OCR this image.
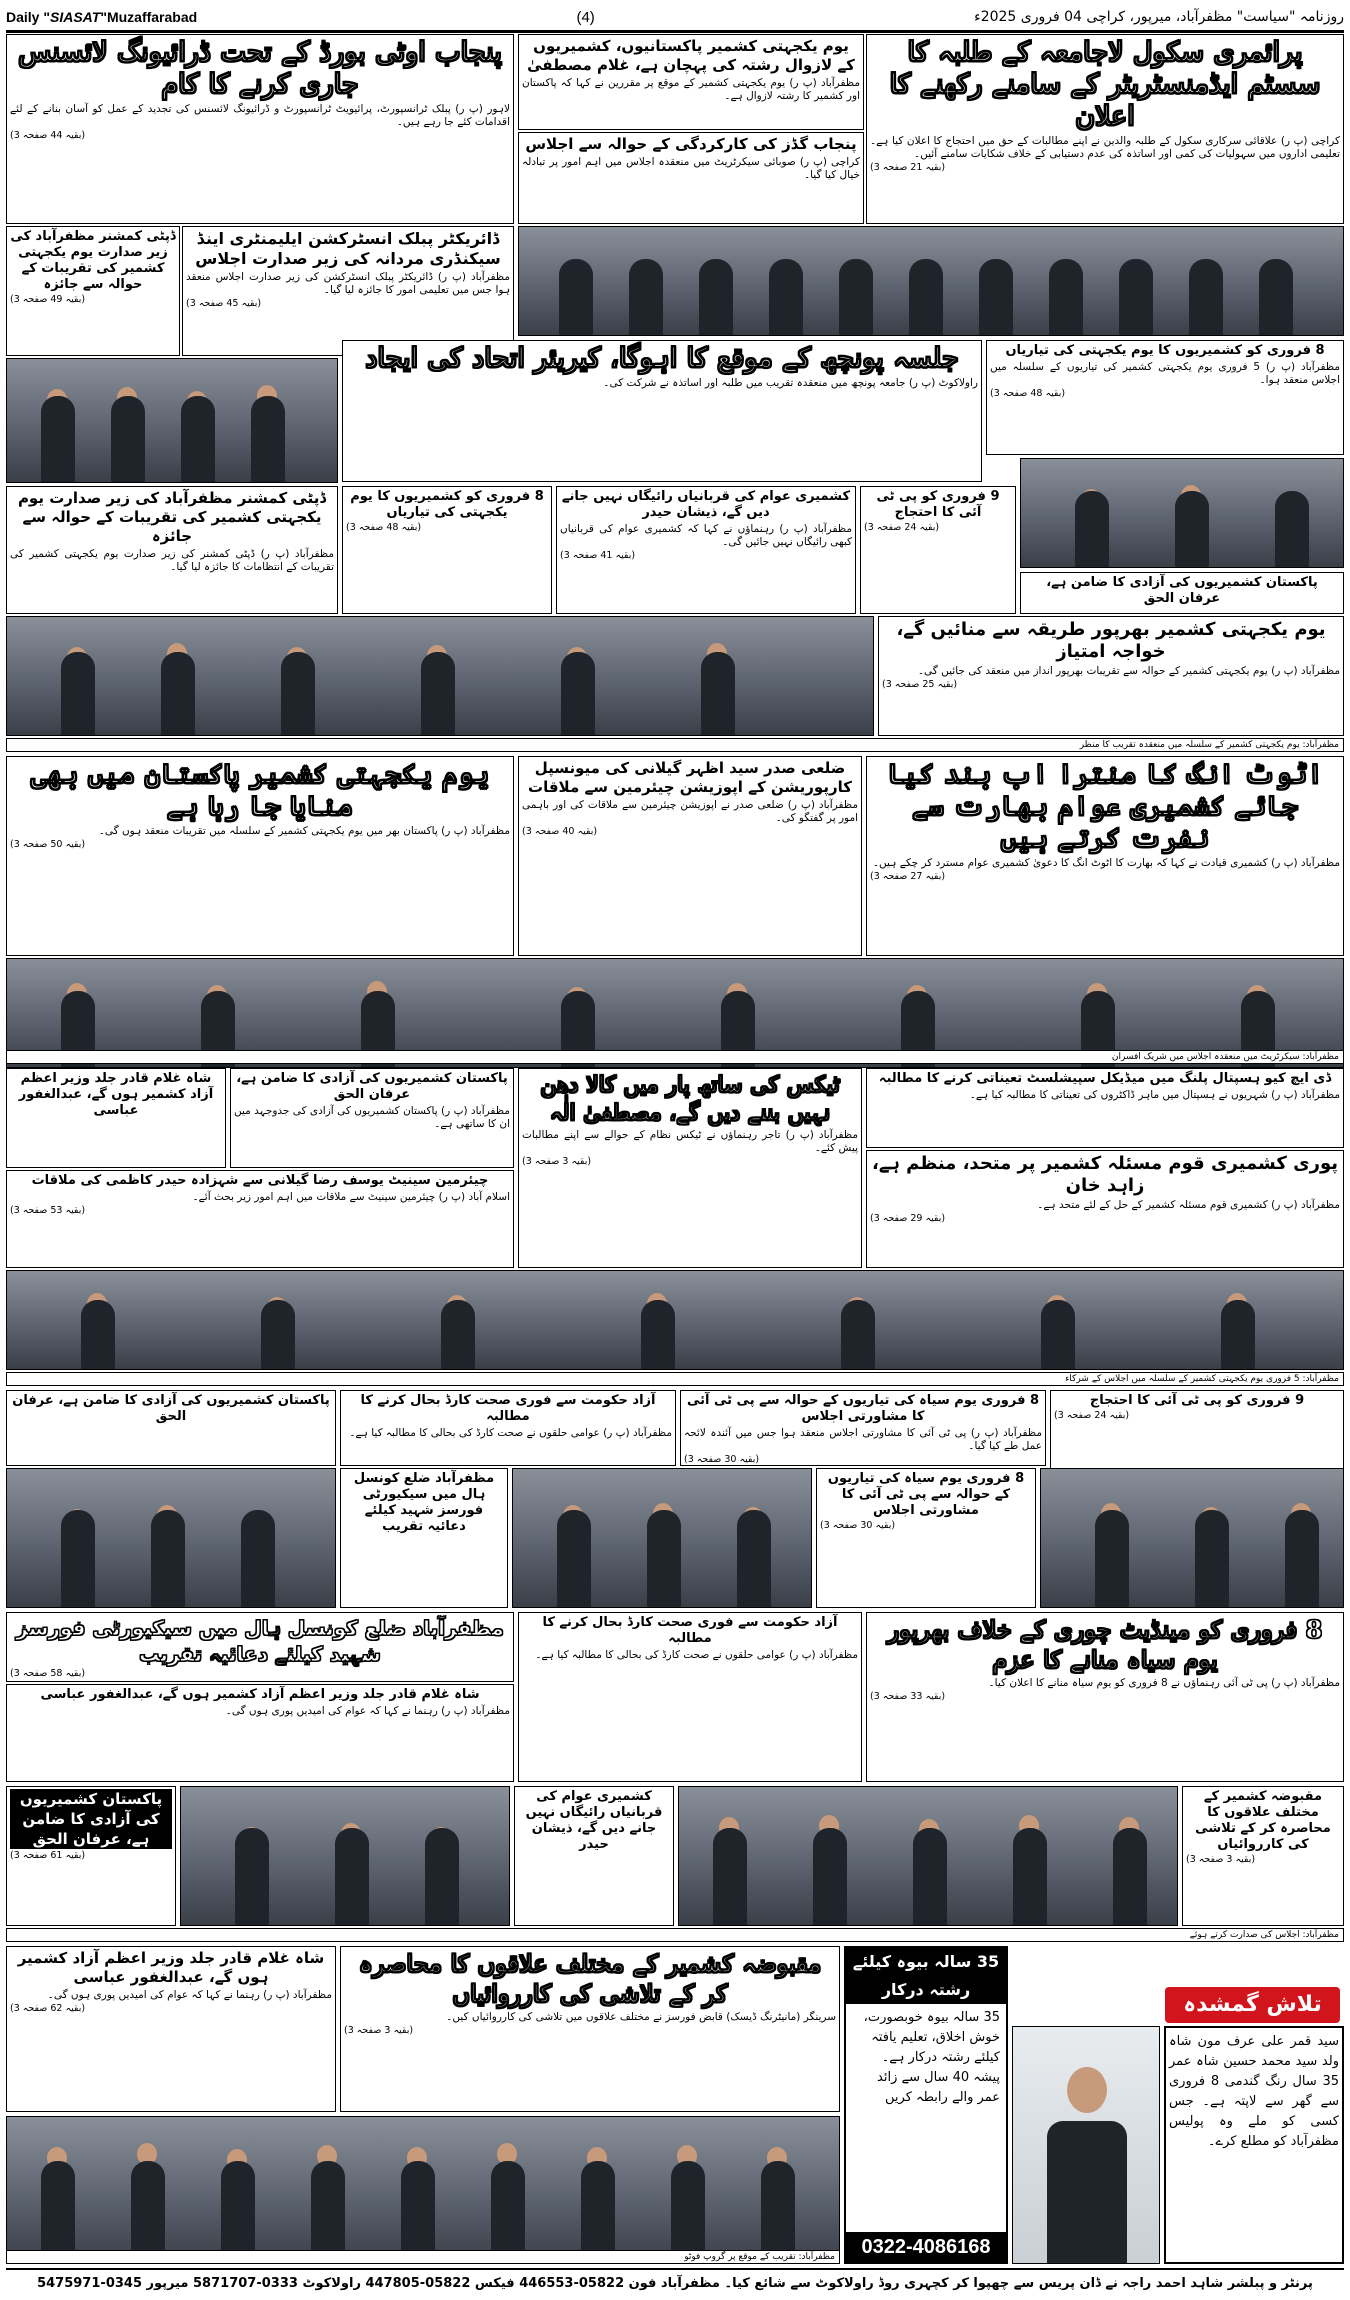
Daily "SIASAT"Muzaffarabad	(4)	روزنامہ "سیاست" مظفرآباد، میرپور، کراچی 04 فروری 2025ء
پرائمری سکول لاجامعہ کے طلبہ کا سسٹم ایڈمنسٹریٹر کے سامنے رکھنے کا اعلان
کراچی (پ ر) علاقائی سرکاری سکول کے طلبہ والدین نے اپنے مطالبات کے حق میں احتجاج کا اعلان کیا ہے۔ تعلیمی اداروں میں سہولیات کی کمی اور اساتذہ کی عدم دستیابی کے خلاف شکایات سامنے آئیں۔
(بقیہ 21 صفحہ 3)
یوم یکجہتی کشمیر پاکستانیوں، کشمیریوں کے لازوال رشتہ کی پہچان ہے، غلام مصطفیٰ
مظفرآباد (پ ر) یوم یکجہتی کشمیر کے موقع پر مقررین نے کہا کہ پاکستان اور کشمیر کا رشتہ لازوال ہے۔
پنجاب گڈز کی کارکردگی کے حوالہ سے اجلاس
کراچی (پ ر) صوبائی سیکرٹریٹ میں منعقدہ اجلاس میں اہم امور پر تبادلہ خیال کیا گیا۔
پنجاب اوٹی بورڈ کے تحت ڈرائیونگ لائسنس جاری کرنے کا کام
لاہور (پ ر) پبلک ٹرانسپورٹ، پرائیویٹ ٹرانسپورٹ و ڈرائیونگ لائسنس کی تجدید کے عمل کو آسان بنانے کے لئے اقدامات کئے جا رہے ہیں۔
(بقیہ 44 صفحہ 3)
ڈپٹی کمشنر مظفرآباد کی زیر صدارت یوم یکجہتی کشمیر کی تقریبات کے حوالہ سے جائزہ
(بقیہ 49 صفحہ 3)
ڈائریکٹر پبلک انسٹرکشن ایلیمنٹری اینڈ سیکنڈری مردانہ کی زیر صدارت اجلاس
مظفرآباد (پ ر) ڈائریکٹر پبلک انسٹرکشن کی زیر صدارت اجلاس منعقد ہوا جس میں تعلیمی امور کا جائزہ لیا گیا۔
(بقیہ 45 صفحہ 3)
جلسہ پونچھ کے موقع کا اہوگا، کیریئر اتحاد کی ایجاد
راولاکوٹ (پ ر) جامعہ پونچھ میں منعقدہ تقریب میں طلبہ اور اساتذہ نے شرکت کی۔
8 فروری کو کشمیریوں کا یوم یکجہتی کی تیاریاں
مظفرآباد (پ ر) 5 فروری یوم یکجہتی کشمیر کی تیاریوں کے سلسلہ میں اجلاس منعقد ہوا۔
(بقیہ 48 صفحہ 3)
ڈپٹی کمشنر مظفرآباد کی زیر صدارت یوم یکجہتی کشمیر کی تقریبات کے حوالہ سے جائزہ
مظفرآباد (پ ر) ڈپٹی کمشنر کی زیر صدارت یوم یکجہتی کشمیر کی تقریبات کے انتظامات کا جائزہ لیا گیا۔
8 فروری کو کشمیریوں کا یوم یکجہتی کی تیاریاں
(بقیہ 48 صفحہ 3)
کشمیری عوام کی قربانیاں رائیگاں نہیں جانے دیں گے، ذیشان حیدر
مظفرآباد (پ ر) رہنماؤں نے کہا کہ کشمیری عوام کی قربانیاں کبھی رائیگاں نہیں جائیں گی۔
(بقیہ 41 صفحہ 3)
9 فروری کو پی ٹی آئی کا احتجاج
(بقیہ 24 صفحہ 3)
پاکستان کشمیریوں کی آزادی کا ضامن ہے، عرفان الحق
یوم یکجہتی کشمیر بھرپور طریقہ سے منائیں گے، خواجہ امتیاز
مظفرآباد (پ ر) یوم یکجہتی کشمیر کے حوالہ سے تقریبات بھرپور انداز میں منعقد کی جائیں گی۔
(بقیہ 25 صفحہ 3)
مظفرآباد: یوم یکجہتی کشمیر کے سلسلہ میں منعقدہ تقریب کا منظر
اٹوٹ انگ کا منترا اب بند کیا جائے کشمیری عوام بھارت سے نفرت کرتے ہیں
مظفرآباد (پ ر) کشمیری قیادت نے کہا کہ بھارت کا اٹوٹ انگ کا دعویٰ کشمیری عوام مسترد کر چکے ہیں۔
(بقیہ 27 صفحہ 3)
ضلعی صدر سید اظہر گیلانی کی میونسپل کارپوریشن کے اپوزیشن چیئرمین سے ملاقات
مظفرآباد (پ ر) ضلعی صدر نے اپوزیشن چیئرمین سے ملاقات کی اور باہمی امور پر گفتگو کی۔
(بقیہ 40 صفحہ 3)
یوم یکجہتی کشمیر پاکستان میں بھی منایا جا رہا ہے
مظفرآباد (پ ر) پاکستان بھر میں یوم یکجہتی کشمیر کے سلسلہ میں تقریبات منعقد ہوں گی۔
(بقیہ 50 صفحہ 3)
مظفرآباد: سیکرٹریٹ میں منعقدہ اجلاس میں شریک افسران
ڈی ایچ کیو ہسپتال پلنگ میں میڈیکل سپیشلسٹ تعیناتی کرنے کا مطالبہ
مظفرآباد (پ ر) شہریوں نے ہسپتال میں ماہر ڈاکٹروں کی تعیناتی کا مطالبہ کیا ہے۔
ٹیکس کی ساتھ پار میں کالا دھن نہیں بننے دیں گے، مصطفیٰ الٰہ
مظفرآباد (پ ر) تاجر رہنماؤں نے ٹیکس نظام کے حوالے سے اپنے مطالبات پیش کئے۔
(بقیہ 3 صفحہ 3)
شاہ غلام قادر جلد وزیر اعظم آزاد کشمیر ہوں گے، عبدالغفور عباسی
پاکستان کشمیریوں کی آزادی کا ضامن ہے، عرفان الحق
مظفرآباد (پ ر) پاکستان کشمیریوں کی آزادی کی جدوجہد میں ان کا ساتھی ہے۔
پوری کشمیری قوم مسئلہ کشمیر پر متحد، منظم ہے، زاہد خان
مظفرآباد (پ ر) کشمیری قوم مسئلہ کشمیر کے حل کے لئے متحد ہے۔
(بقیہ 29 صفحہ 3)
چیئرمین سینیٹ یوسف رضا گیلانی سے شہزادہ حیدر کاظمی کی ملاقات
اسلام آباد (پ ر) چیئرمین سینیٹ سے ملاقات میں اہم امور زیر بحث آئے۔
(بقیہ 53 صفحہ 3)
مظفرآباد: 5 فروری یوم یکجہتی کشمیر کے سلسلہ میں اجلاس کے شرکاء
9 فروری کو پی ٹی آئی کا احتجاج
(بقیہ 24 صفحہ 3)
8 فروری یوم سیاہ کی تیاریوں کے حوالہ سے پی ٹی آئی کا مشاورتی اجلاس
مظفرآباد (پ ر) پی ٹی آئی کا مشاورتی اجلاس منعقد ہوا جس میں آئندہ لائحہ عمل طے کیا گیا۔
(بقیہ 30 صفحہ 3)
آزاد حکومت سے فوری صحت کارڈ بحال کرنے کا مطالبہ
مظفرآباد (پ ر) عوامی حلقوں نے صحت کارڈ کی بحالی کا مطالبہ کیا ہے۔
پاکستان کشمیریوں کی آزادی کا ضامن ہے، عرفان الحق
مظفرآباد ضلع کونسل ہال میں سیکیورٹی فورسز شہید کیلئے دعائیہ تقریب
8 فروری یوم سیاہ کی تیاریوں کے حوالہ سے پی ٹی آئی کا مشاورتی اجلاس
(بقیہ 30 صفحہ 3)
مظفرآباد ضلع کونسل ہال میں سیکیورٹی فورسز شہید کیلئے دعائیہ تقریب
(بقیہ 58 صفحہ 3)
آزاد حکومت سے فوری صحت کارڈ بحال کرنے کا مطالبہ
مظفرآباد (پ ر) عوامی حلقوں نے صحت کارڈ کی بحالی کا مطالبہ کیا ہے۔
8 فروری کو مینڈیٹ چوری کے خلاف بھرپور یوم سیاہ منانے کا عزم
مظفرآباد (پ ر) پی ٹی آئی رہنماؤں نے 8 فروری کو یوم سیاہ منانے کا اعلان کیا۔
(بقیہ 33 صفحہ 3)
شاہ غلام قادر جلد وزیر اعظم آزاد کشمیر ہوں گے، عبدالغفور عباسی
مظفرآباد (پ ر) رہنما نے کہا کہ عوام کی امیدیں پوری ہوں گی۔
پاکستان کشمیریوں کی آزادی کا ضامن ہے، عرفان الحق
(بقیہ 61 صفحہ 3)
کشمیری عوام کی قربانیاں رائیگاں نہیں جانے دیں گے، ذیشان حیدر
مقبوضہ کشمیر کے مختلف علاقوں کا محاصرہ کر کے تلاشی کی کارروائیاں
(بقیہ 3 صفحہ 3)
مظفرآباد: اجلاس کی صدارت کرتے ہوئے
شاہ غلام قادر جلد وزیر اعظم آزاد کشمیر ہوں گے، عبدالغفور عباسی
مظفرآباد (پ ر) رہنما نے کہا کہ عوام کی امیدیں پوری ہوں گی۔
(بقیہ 62 صفحہ 3)
مقبوضہ کشمیر کے مختلف علاقوں کا محاصرہ کر کے تلاشی کی کارروائیاں
سرینگر (مانیٹرنگ ڈیسک) قابض فورسز نے مختلف علاقوں میں تلاشی کی کارروائیاں کیں۔
(بقیہ 3 صفحہ 3)
35 سالہ بیوہ کیلئے رشتہ درکار
35 سالہ بیوہ خوبصورت، خوش اخلاق، تعلیم یافتہ کیلئے رشتہ درکار ہے۔ پیشہ 40 سال سے زائد عمر والے رابطہ کریں
0322-4086168
تلاش گمشدہ
سید قمر علی عرف مون شاہ ولد سید محمد حسین شاہ عمر 35 سال رنگ گندمی 8 فروری سے گھر سے لاپتہ ہے۔ جس کسی کو ملے وہ پولیس مظفرآباد کو مطلع کرے۔
مظفرآباد: تقریب کے موقع پر گروپ فوٹو
پرنٹر و پبلشر شاہد احمد راجہ نے ڈان پریس سے چھپوا کر کچہری روڈ راولاکوٹ سے شائع کیا۔ مظفرآباد فون 05822-446553 فیکس 05822-447805 راولاکوٹ 0333-5871707 میرپور 0345-5475971
